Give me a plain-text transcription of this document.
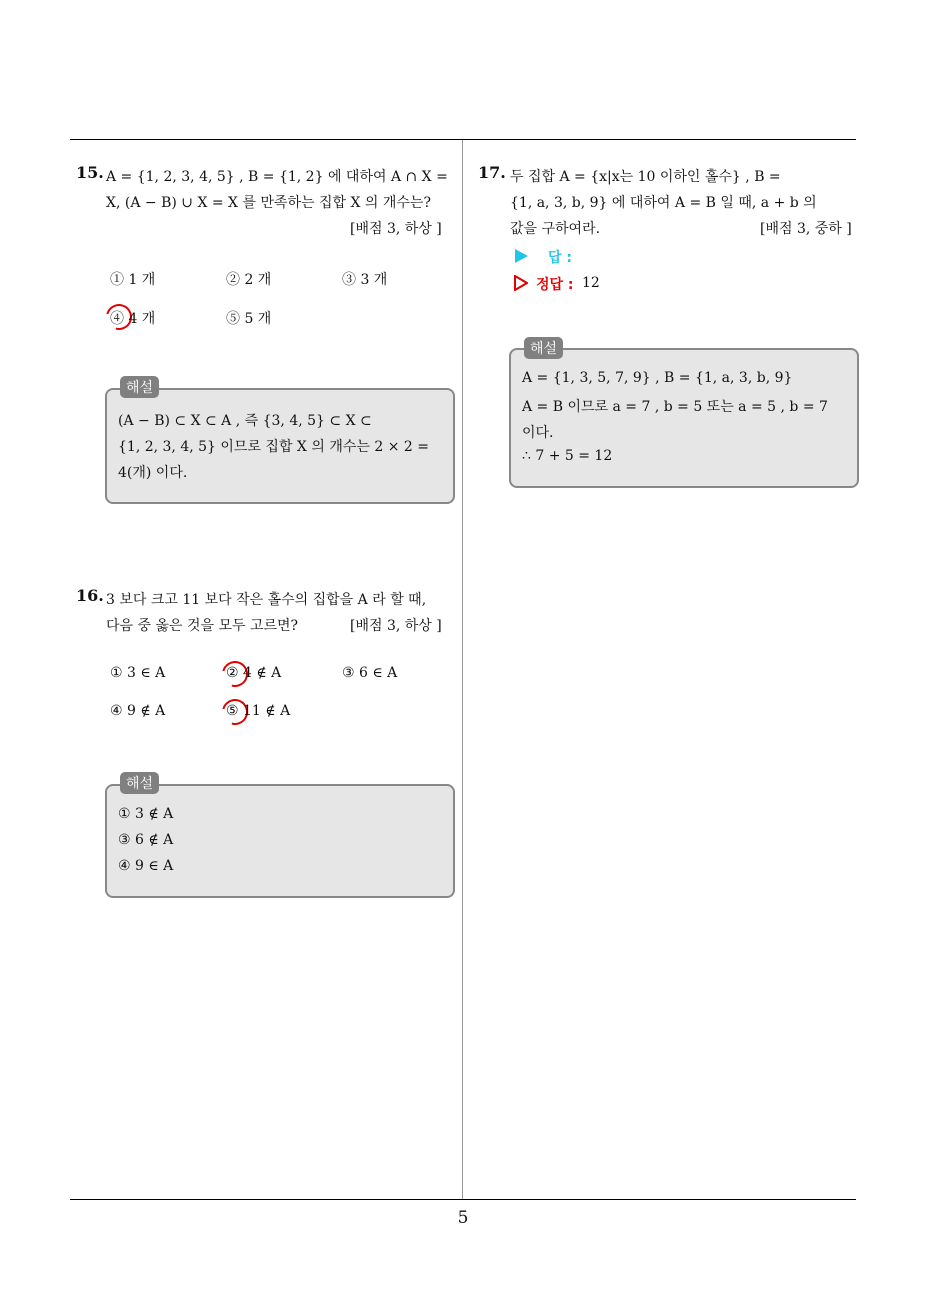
5
15. A = {1, 2, 3, 4, 5} , B = {1, 2} 에 대하여 A ∩ X =
X, (A − B) ∪ X = X 를 만족하는 집합 X 의 개수는?
[배점 3, 하상 ]
① 1 개	② 2 개	③ 3 개
④ 4 개	⑤ 5 개
해설
(A − B) ⊂ X ⊂ A , 즉 {3, 4, 5} ⊂ X ⊂
{1, 2, 3, 4, 5} 이므로 집합 X 의 개수는 2 × 2 =
4(개) 이다.
16. 3 보다 크고 11 보다 작은 홀수의 집합을 A 라 할 때,
다음 중 옳은 것을 모두 고르면?	[배점 3, 하상 ]
① 3 ∈ A	② 4 ∉ A	③ 6 ∈ A
④ 9 ∉ A	⑤ 11 ∉ A
해설
① 3 ∉ A
③ 6 ∉ A
④ 9 ∈ A
17. 두 집합 A = {x|x는 10 이하인 홀수} , B =
{1, a, 3, b, 9} 에 대하여 A = B 일 때, a + b 의
값을 구하여라.	[배점 3, 중하 ]
답 :
정답 : 12
해설
A = {1, 3, 5, 7, 9} , B = {1, a, 3, b, 9}
A = B 이므로 a = 7 , b = 5 또는 a = 5 , b = 7
이다.
∴ 7 + 5 = 12
